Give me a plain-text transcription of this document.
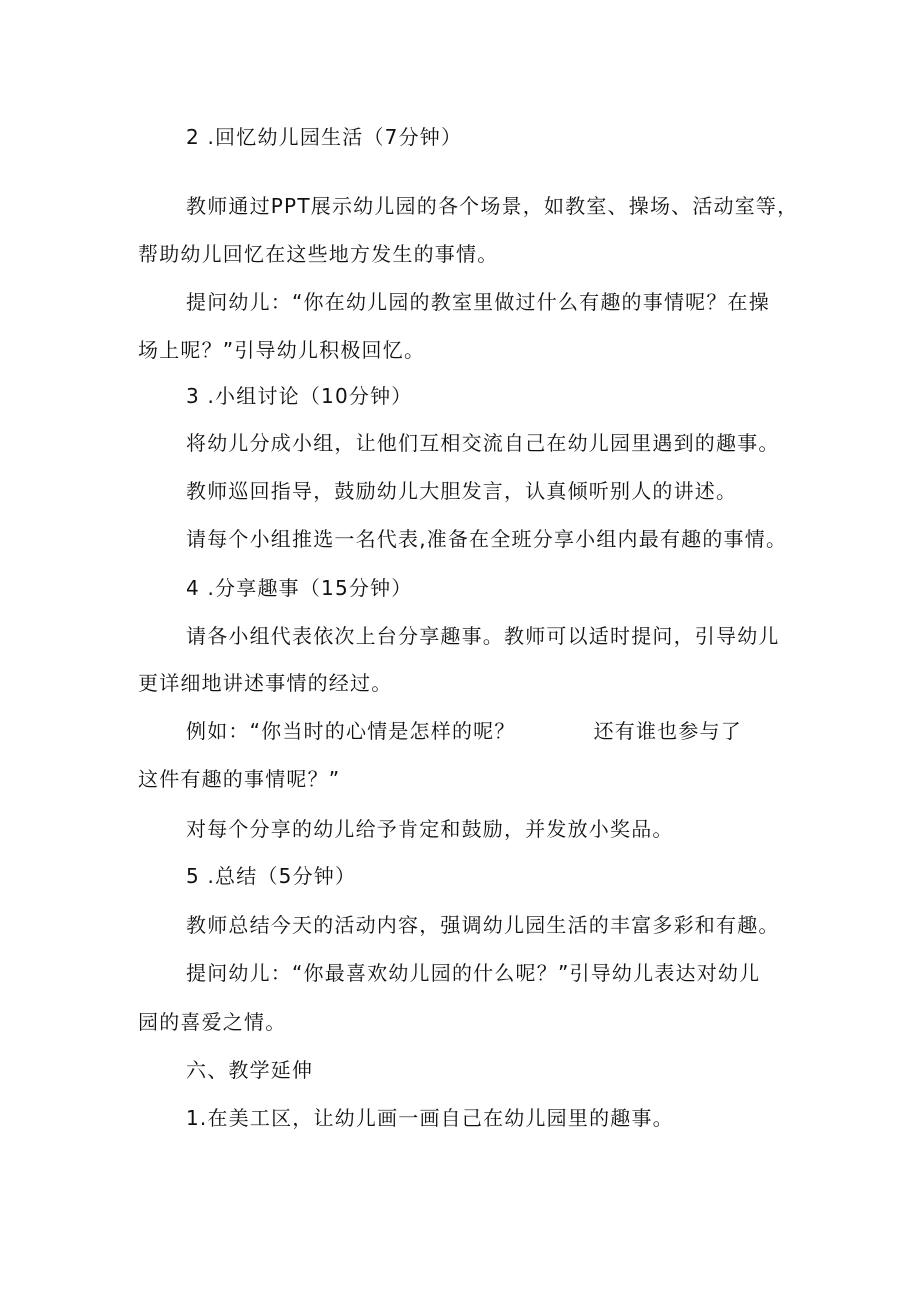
2 .回忆幼儿园生活（7分钟）
教师通过PPT展示幼儿园的各个场景，如教室、操场、活动室等，
帮助幼儿回忆在这些地方发生的事情。
提问幼儿：“你在幼儿园的教室里做过什么有趣的事情呢？在操
场上呢？”引导幼儿积极回忆。
3 .小组讨论（10分钟）
将幼儿分成小组，让他们互相交流自己在幼儿园里遇到的趣事。
教师巡回指导，鼓励幼儿大胆发言，认真倾听别人的讲述。
请每个小组推选一名代表,准备在全班分享小组内最有趣的事情。
4 .分享趣事（15分钟）
请各小组代表依次上台分享趣事。教师可以适时提问，引导幼儿
更详细地讲述事情的经过。
例如：“你当时的心情是怎样的呢？	还有谁也参与了
这件有趣的事情呢？”
对每个分享的幼儿给予肯定和鼓励，并发放小奖品。
5 .总结（5分钟）
教师总结今天的活动内容，强调幼儿园生活的丰富多彩和有趣。
提问幼儿：“你最喜欢幼儿园的什么呢？”引导幼儿表达对幼儿
园的喜爱之情。
六、教学延伸
1.在美工区，让幼儿画一画自己在幼儿园里的趣事。
